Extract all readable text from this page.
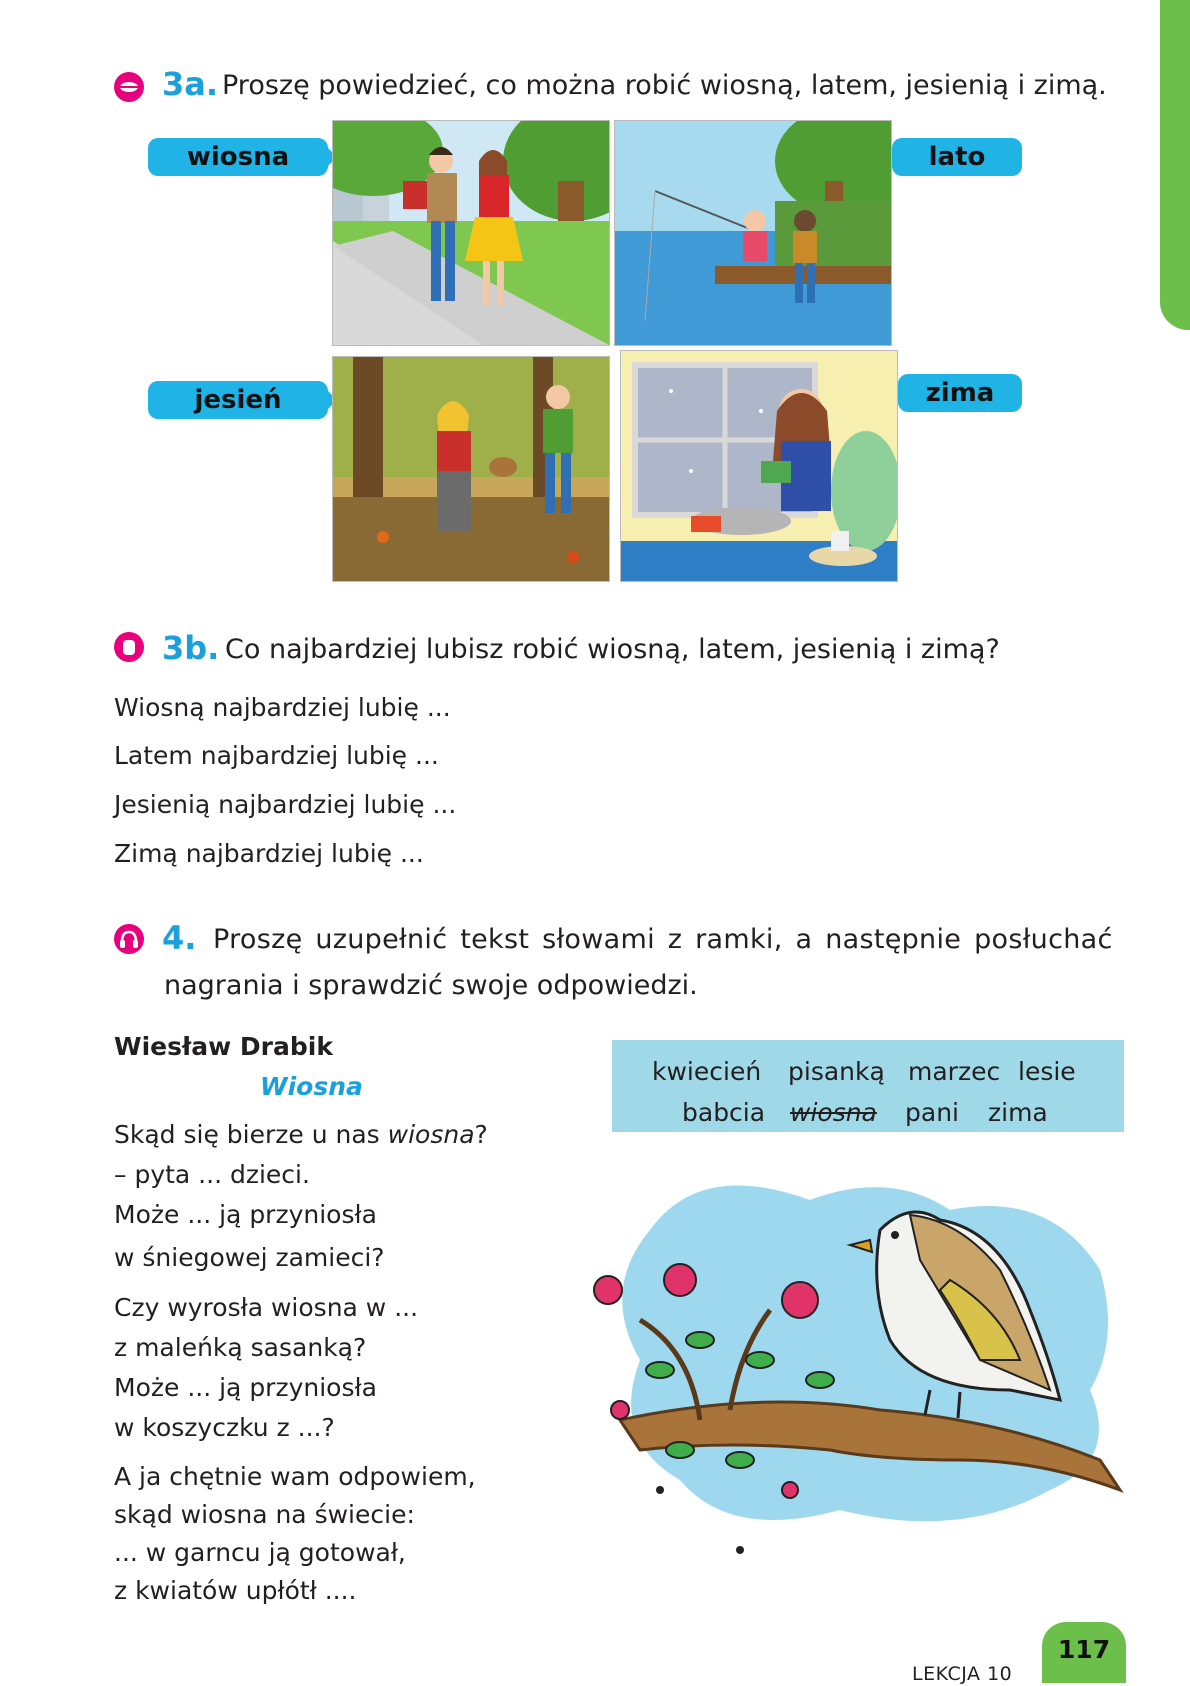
3a. Proszę powiedzieć, co można robić wiosną, latem, jesienią i zimą.
wiosna	lato
jesień	zima
3b. Co najbardziej lubisz robić wiosną, latem, jesienią i zimą?
Wiosną najbardziej lubię ...
Latem najbardziej lubię ...
Jesienią najbardziej lubię ...
Zimą najbardziej lubię ...
4. Proszę uzupełnić tekst słowami z ramki, a następnie posłuchać
nagrania i sprawdzić swoje odpowiedzi.
Wiesław Drabik
Wiosna
Skąd się bierze u nas wiosna?
– pyta ... dzieci.
Może ... ją przyniosła
w śniegowej zamieci?
Czy wyrosła wiosna w ...
z maleńką sasanką?
Może ... ją przyniosła
w koszyczku z ...?
A ja chętnie wam odpowiem,
skąd wiosna na świecie:
... w garncu ją gotował,
z kwiatów upłótł ....
kwiecień pisanką marzec lesie
babcia wiosna pani zima
LEKCJA 10
117
